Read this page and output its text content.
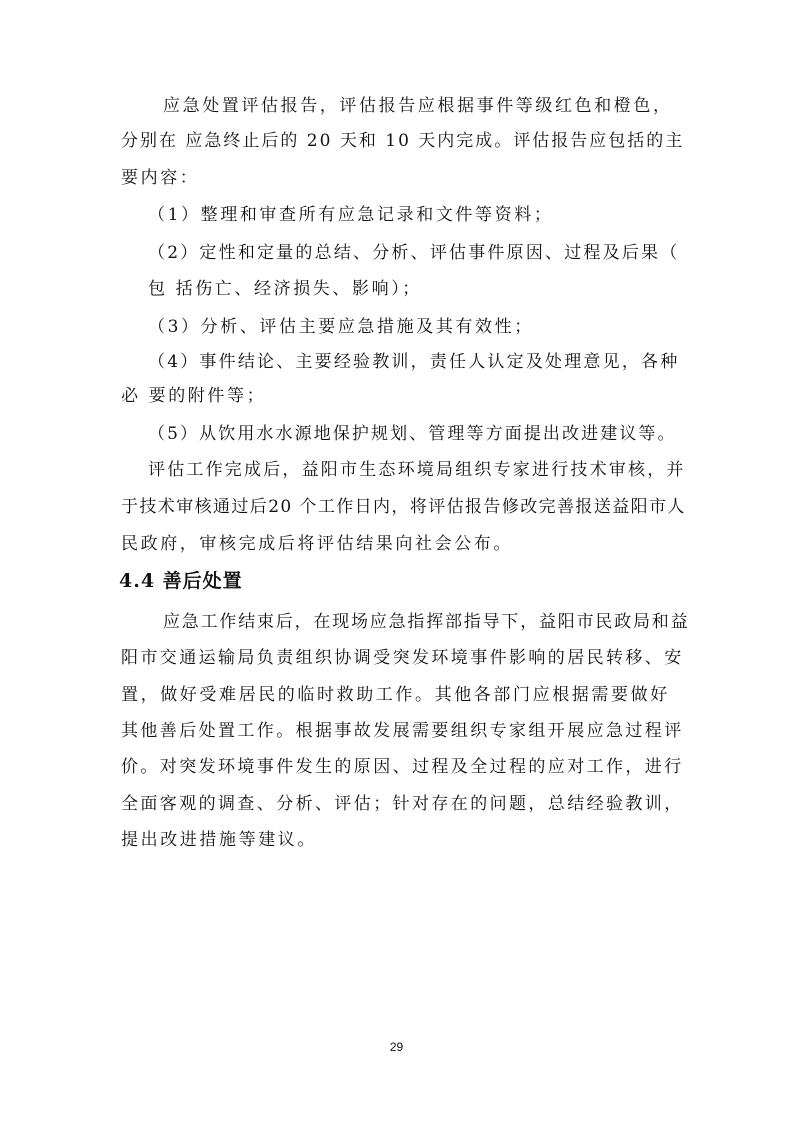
应急处置评估报告，评估报告应根据事件等级红色和橙色，
分别在 应急终止后的 20 天和 10 天内完成。评估报告应包括的主
要内容：
（1）整理和审查所有应急记录和文件等资料；
（2）定性和定量的总结、分析、评估事件原因、过程及后果（
包 括伤亡、经济损失、影响）；
（3）分析、评估主要应急措施及其有效性；
（4）事件结论、主要经验教训，责任人认定及处理意见，各种
必 要的附件等；
（5）从饮用水水源地保护规划、管理等方面提出改进建议等。
评估工作完成后，益阳市生态环境局组织专家进行技术审核，并
于技术审核通过后20 个工作日内，将评估报告修改完善报送益阳市人
民政府，审核完成后将评估结果向社会公布。
4.4 善后处置
应急工作结束后，在现场应急指挥部指导下，益阳市民政局和益
阳市交通运输局负责组织协调受突发环境事件影响的居民转移、安
置，做好受难居民的临时救助工作。其他各部门应根据需要做好
其他善后处置工作。根据事故发展需要组织专家组开展应急过程评
价。对突发环境事件发生的原因、过程及全过程的应对工作，进行
全面客观的调查、分析、评估；针对存在的问题，总结经验教训，
提出改进措施等建议。
29
